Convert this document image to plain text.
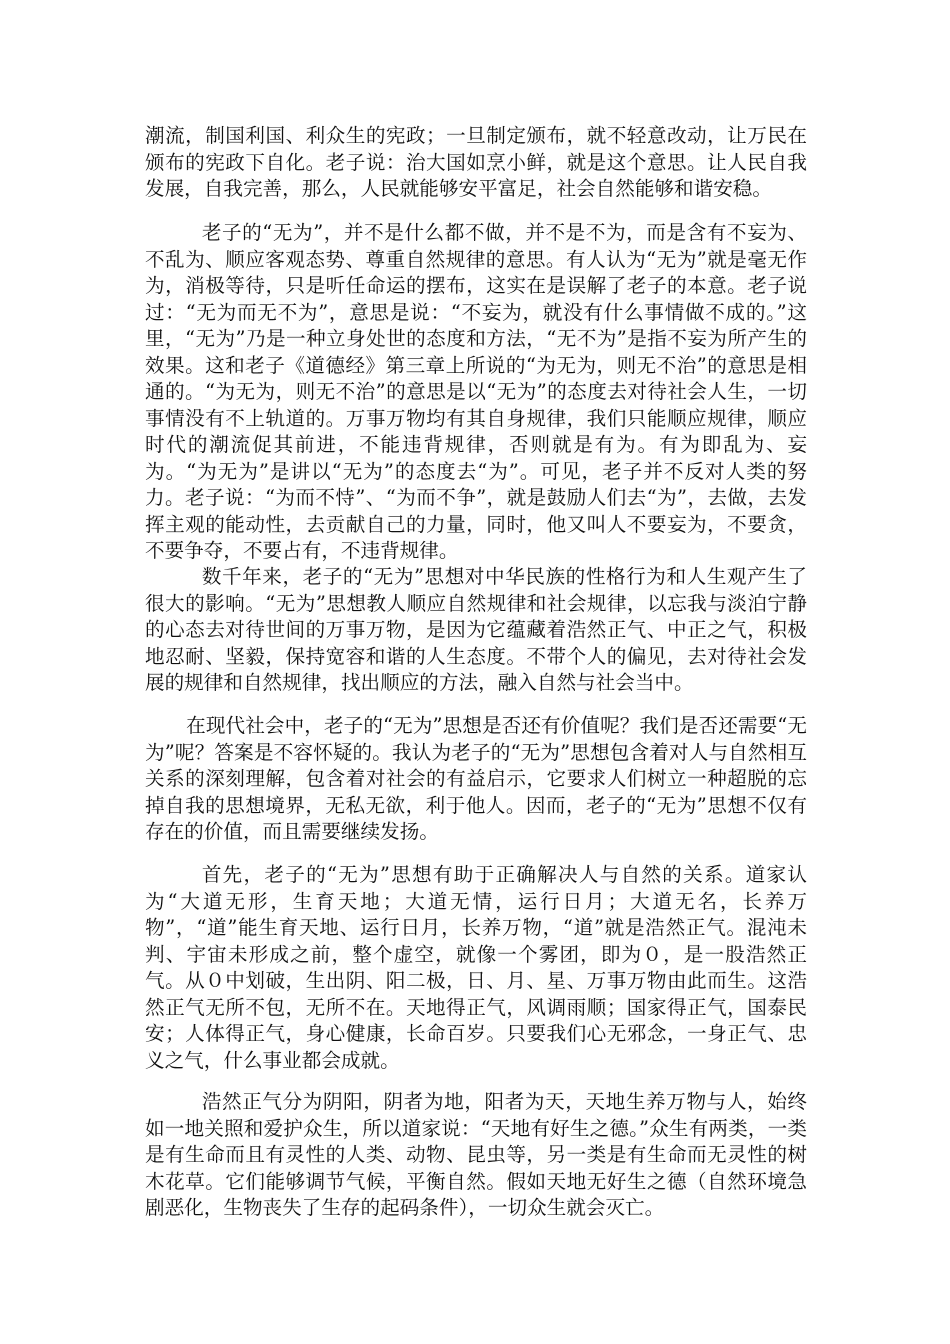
潮流，制国利国、利众生的宪政；一旦制定颁布，就不轻意改动，让万民在颁布的宪政下自化。老子说：治大国如烹小鲜，就是这个意思。让人民自我发展，自我完善，那么，人民就能够安平富足，社会自然能够和谐安稳。

老子的“无为”，并不是什么都不做，并不是不为，而是含有不妄为、不乱为、顺应客观态势、尊重自然规律的意思。有人认为“无为”就是毫无作为，消极等待，只是听任命运的摆布，这实在是误解了老子的本意。老子说过：“无为而无不为”，意思是说：“不妄为，就没有什么事情做不成的。”这里，“无为”乃是一种立身处世的态度和方法，“无不为”是指不妄为所产生的效果。这和老子《道德经》第三章上所说的“为无为，则无不治”的意思是相通的。“为无为，则无不治”的意思是以“无为”的态度去对待社会人生，一切事情没有不上轨道的。万事万物均有其自身规律，我们只能顺应规律，顺应时代的潮流促其前进，不能违背规律，否则就是有为。有为即乱为、妄为。“为无为”是讲以“无为”的态度去“为”。可见，老子并不反对人类的努力。老子说：“为而不恃”、“为而不争”，就是鼓励人们去“为”，去做，去发挥主观的能动性，去贡献自己的力量，同时，他又叫人不要妄为，不要贪，不要争夺，不要占有，不违背规律。

数千年来，老子的“无为”思想对中华民族的性格行为和人生观产生了很大的影响。“无为”思想教人顺应自然规律和社会规律，以忘我与淡泊宁静的心态去对待世间的万事万物，是因为它蕴藏着浩然正气、中正之气，积极地忍耐、坚毅，保持宽容和谐的人生态度。不带个人的偏见，去对待社会发展的规律和自然规律，找出顺应的方法，融入自然与社会当中。

在现代社会中，老子的“无为”思想是否还有价值呢？我们是否还需要“无为”呢？答案是不容怀疑的。我认为老子的“无为”思想包含着对人与自然相互关系的深刻理解，包含着对社会的有益启示，它要求人们树立一种超脱的忘掉自我的思想境界，无私无欲，利于他人。因而，老子的“无为”思想不仅有存在的价值，而且需要继续发扬。

首先，老子的“无为”思想有助于正确解决人与自然的关系。道家认为“大道无形，生育天地；大道无情，运行日月；大道无名，长养万物”，“道”能生育天地、运行日月，长养万物，“道”就是浩然正气。混沌未判、宇宙未形成之前，整个虚空，就像一个雾团，即为０，是一股浩然正气。从０中划破，生出阴、阳二极，日、月、星、万事万物由此而生。这浩然正气无所不包，无所不在。天地得正气，风调雨顺；国家得正气，国泰民安；人体得正气，身心健康，长命百岁。只要我们心无邪念，一身正气、忠义之气，什么事业都会成就。

浩然正气分为阴阳，阴者为地，阳者为天，天地生养万物与人，始终如一地关照和爱护众生，所以道家说：“天地有好生之德。”众生有两类，一类是有生命而且有灵性的人类、动物、昆虫等，另一类是有生命而无灵性的树木花草。它们能够调节气候，平衡自然。假如天地无好生之德（自然环境急剧恶化，生物丧失了生存的起码条件），一切众生就会灭亡。
